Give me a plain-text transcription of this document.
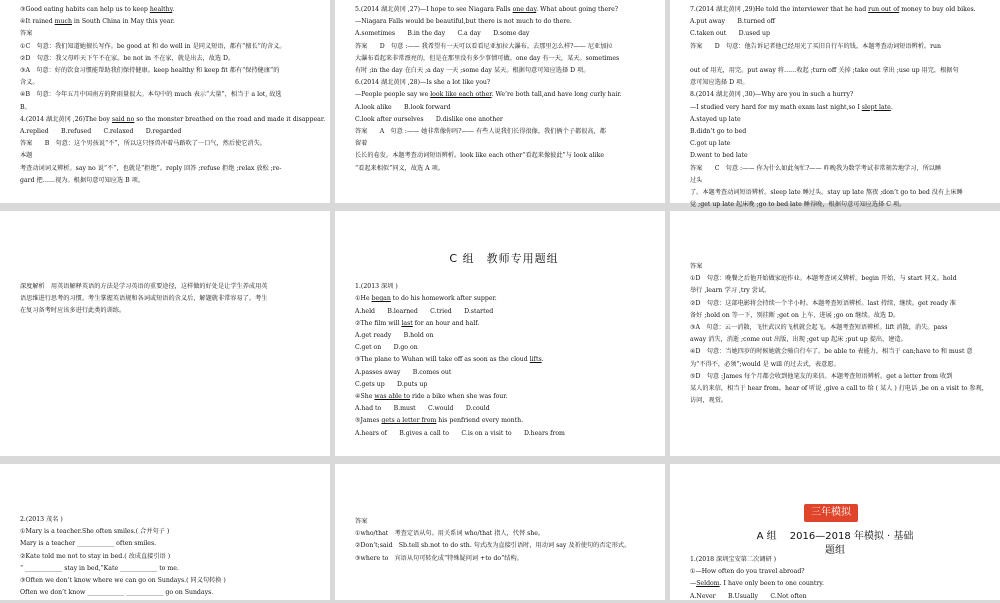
③Good eating habits can help us to keep healthy.

④It rained much in South China in May this year.

答案

①C　句意：我们知道她擅长写作。be good at 和 do well in 是同义短语，都有“擅长”的含义。

②D　句意：我父母昨天下午不在家。be not in 不在家，就是出去，故选 D。

③A　句意：好的饮食习惯能帮助我们保持健康。keep healthy 和 keep fit 都有“保持健康”的

含义。

④B　句意：今年五月中国南方的降雨量很大。本句中的 much 表示“大量”，相当于 a lot, 故选

B。

4.(2014 湖北黄冈 ,26)The boy said no so the monster breathed on the road and made it disappear.

A.replied　　B.refused　　C.relaxed　　D.regarded

答案　　B　句意：这个男孩说“不”，所以这只怪兽冲着马路吹了一口气，然后使它消失。

本题

考查动词词义辨析。say no 说“不”，也就是“拒绝”。reply 回答 ;refuse 拒绝 ;relax 放松 ;re-

gard 把……视为。根据句意可知应选 B 项。

5.(2014 湖北黄冈 ,27)—I hope to see Niagara Falls one day. What about going there?

—Niagara Falls would be beautiful,but there is not much to do there.

A.sometimes　　B.in the day　　C.a day　　D.some day

答案　　D　句意 :—— 我希望有一天可以看看尼亚加拉大瀑布。去那里怎么样?—— 尼亚加拉

大瀑布看起来非常漂亮的，但是在那里没有多少事情可做。one day 有一天，某天。sometimes

有时 ;in the day 在白天 ;a day 一天 ;some day 某天。根据句意可知应选择 D 项。

6.(2014 湖北黄冈 ,28)—Is she a lot like you?

—People people say we look like each other. We’re both tall,and have long curly hair.

A.look alike　　B.look forward

C.look after ourselves　　D.dislike one another

答案　　A　句意 :—— 她非常像你吗?—— 有些人说我们长得很像。我们俩个子都很高，都

留着

长长的卷发。本题考查动词短语辨析。look like each other“看起来像彼此”与 look alike

“看起来相似”同义，故选 A 项。

7.(2014 湖北黄冈 ,29)He told the interviewer that he had run out of money to buy old bikes.

A.put away　　B.turned off

C.taken out　　D.used up

答案　　D　句意：他告诉记者他已经用光了买旧自行车的钱。本题考查动词短语辨析。run

out of 用光，用完。put away 将……收起 ;turn off 关掉 ;take out 拿出 ;use up 用完，根据句

意可知应选择 D 项。

8.(2014 湖北黄冈 ,30)—Why are you in such a hurry?

—I studied very hard for my math exam last night,so I slept late.

A.stayed up late

B.didn’t go to bed

C.got up late

D.went to bed late

答案　　C　句意 :—— 你为什么如此匆忙?—— 昨晚我为数学考试非常刻苦地学习，所以睡

过头

了。本题考查动词短语辨析。sleep late 睡过头。stay up late 熬夜 ;don’t go to bed 没有上床睡

觉 ;get up late 起床晚 ;go to bed late 睡得晚，根据句意可知应选择 C 项。

深度解析　用英语解释英语的方法是学习英语的重要途径，这样做的好处是让学生养成用英

语思维进行思考的习惯。考生掌握英语规和各词或短语的含义后，解题就非常容易了。考生

在复习备考时应该多进行此类的训练。

C 组　教师专用题组

1.(2013 深圳 )

①He began to do his homework after supper.

A.held　　B.learned　　C.tried　　D.started

②The film will last for an hour and half.

A.get ready　　B.hold on

C.get on　　D.go on

③The plane to Wuhan will take off as soon as the cloud lifts.

A.passes away　　B.comes out

C.gets up　　D.puts up

④She was able to ride a bike when she was four.

A.had to　　B.must　　C.would　　D.could

⑤James gets a letter from his penfriend every month.

A.hears of　　B.gives a call to　　C.is on a visit to　　D.hears from

答案

①D　句意：晚餐之后他开始做家庭作业。本题考查词义辨析。begin 开始，与 start 同义。hold

举行 ,learn 学习 ,try 尝试。

②D　句意：这部电影将会持续一个半小时。本题考查短语辨析。last 持续，继续。get ready 准

备好 ;hold on 等一下，别挂断 ;get on 上车，进展 ;go on 继续。故选 D。

③A　句意：云一消散，飞往武汉的飞机就会起飞。本题考查短语辨析。lift 消散，消失。pass

away 消失，消逝 ;come out 出版，出现 ;get up 起床 ;put up 提出，建造。

④D　句意：当她四岁的时候她就会骑自行车了。be able to 表能力，相当于 can;have to 和 must 意

为“不得不，必须”;would 是 will 的过去式，表意愿。

⑤D　句意 :James 每个月都会收到他笔友的来信。本题考查短语辨析。get a letter from 收到

某人的来信，相当于 hear from。hear of 听说 ,give a call to 给 ( 某人 ) 打电话 ,be on a visit to 参观，

访问，观赏。

2.(2013 茂名 )

①Mary is a teacher.She often smiles.( 合并句子 )

Mary is a teacher ____________ often smiles.

②Kate told me not to stay in bed.( 改成直接引语 )

“ ____________ stay in bed,”Kate ____________ to me.

③Often we don’t know where we can go on Sundays.( 同义句转换 )

Often we don’t know ____________ ____________ go on Sundays.

答案

①who/that　考查定语从句。用关系词 who/that 指人，代替 she。

②Don’t;said　Sb.tell sb.not to do sth. 句式改为直接引语时，用动词 say 及祈使句的否定形式。

③where to　宾语从句可转化成“特殊疑问词 +to do”结构。

三年模拟
A 组　 2016—2018 年模拟 · 基础
题组

1.(2018 深圳宝安第二次调研 )

①—How often do you travel abroad?

—Seldom. I have only been to one country.

A.Never　　B.Usually　　C.Not often
